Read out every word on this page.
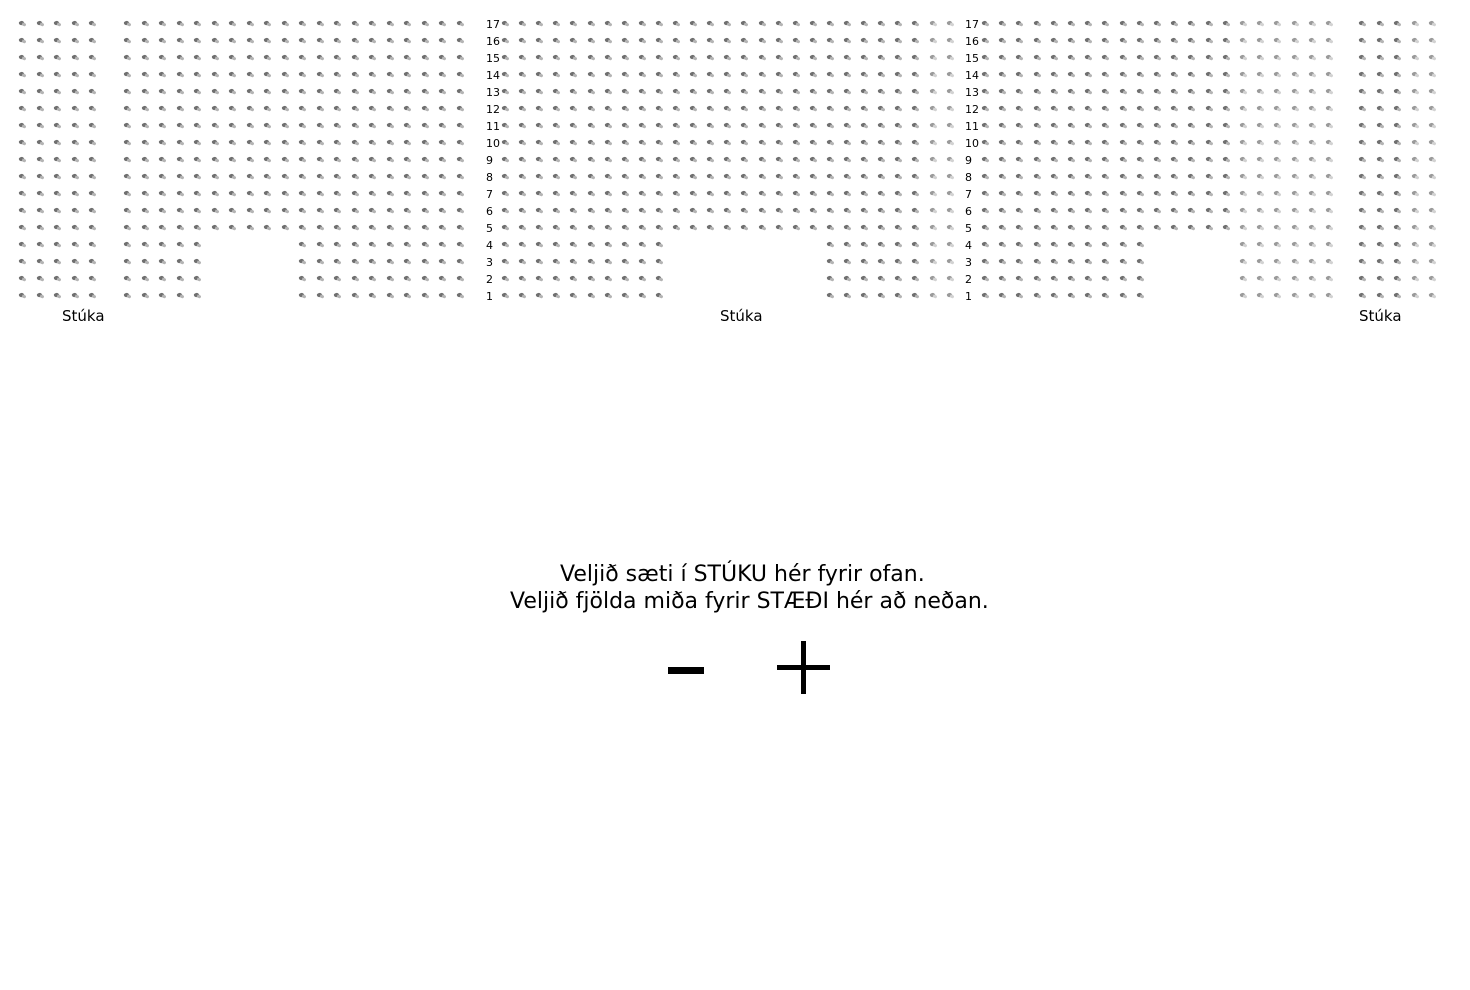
Stúka	Stúka	Stúka
17
16
15
14
13
12
11
10
9
8
7
6
5
4
3
2
1
17
16
15
14
13
12
11
10
9
8
7
6
5
4
3
2
1
Veljið sæti í STÚKU hér fyrir ofan.
Veljið fjölda miða fyrir STÆÐI hér að neðan.
